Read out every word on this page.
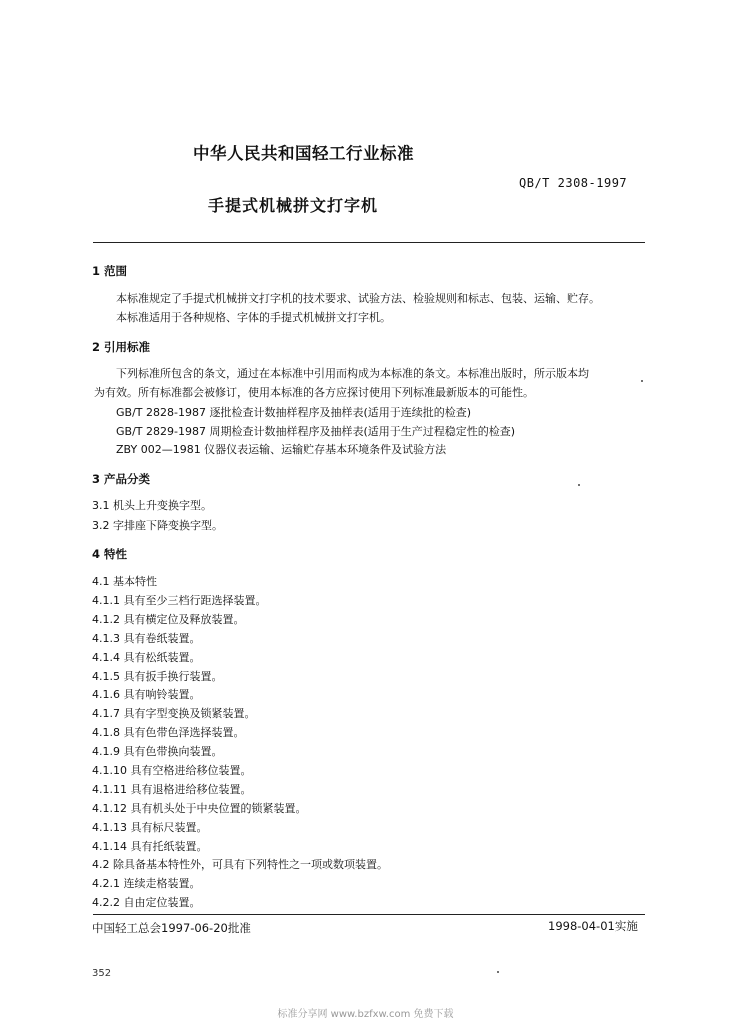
中华人民共和国轻工行业标准
QB/T 2308-1997
手提式机械拼文打字机
1 范围
本标准规定了手提式机械拼文打字机的技术要求、试验方法、检验规则和标志、包装、运输、贮存。
本标准适用于各种规格、字体的手提式机械拼文打字机。
2 引用标准
下列标准所包含的条文，通过在本标准中引用而构成为本标准的条文。本标准出版时，所示版本均
为有效。所有标准都会被修订，使用本标准的各方应探讨使用下列标准最新版本的可能性。
GB/T 2828-1987 逐批检查计数抽样程序及抽样表(适用于连续批的检查)
GB/T 2829-1987 周期检查计数抽样程序及抽样表(适用于生产过程稳定性的检查)
ZBY 002—1981 仪器仪表运输、运输贮存基本环境条件及试验方法
3 产品分类
3.1 机头上升变换字型。
3.2 字排座下降变换字型。
4 特性
4.1 基本特性
4.1.1 具有至少三档行距选择装置。
4.1.2 具有横定位及释放装置。
4.1.3 具有卷纸装置。
4.1.4 具有松纸装置。
4.1.5 具有扳手换行装置。
4.1.6 具有响铃装置。
4.1.7 具有字型变换及锁紧装置。
4.1.8 具有色带色泽选择装置。
4.1.9 具有色带换向装置。
4.1.10 具有空格进给移位装置。
4.1.11 具有退格进给移位装置。
4.1.12 具有机头处于中央位置的锁紧装置。
4.1.13 具有标尺装置。
4.1.14 具有托纸装置。
4.2 除具备基本特性外，可具有下列特性之一项或数项装置。
4.2.1 连续走格装置。
4.2.2 自由定位装置。
中国轻工总会1997-06-20批准	1998-04-01实施
352
标准分享网 www.bzfxw.com 免费下载
